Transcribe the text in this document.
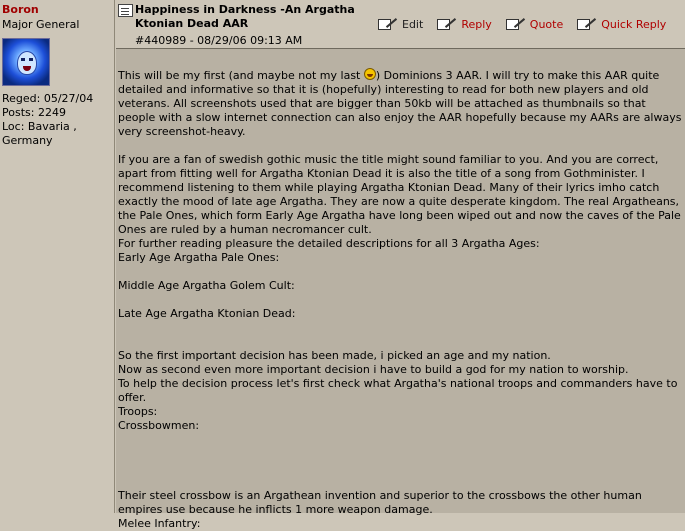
Boron
Major General
Reged: 05/27/04
Posts: 2249
Loc: Bavaria ,
Germany
Happiness in Darkness -An Argatha Ktonian Dead AAR
#440989 - 08/29/06 09:13 AM
Edit	Reply	Quote	Quick Reply

This will be my first (and maybe not my last ) Dominions 3 AAR. I will try to make this AAR quite detailed and informative so that it is (hopefully) interesting to read for both new players and old veterans. All screenshots used that are bigger than 50kb will be attached as thumbnails so that people with a slow internet connection can also enjoy the AAR hopefully because my AARs are always very screenshot-heavy.

If you are a fan of swedish gothic music the title might sound familiar to you. And you are correct, apart from fitting well for Argatha Ktonian Dead it is also the title of a song from Gothminister. I recommend listening to them while playing Argatha Ktonian Dead. Many of their lyrics imho catch exactly the mood of late age Argatha. They are now a quite desperate kingdom. The real Argatheans, the Pale Ones, which form Early Age Argatha have long been wiped out and now the caves of the Pale Ones are ruled by a human necromancer cult.

For further reading pleasure the detailed descriptions for all 3 Argatha Ages:

Early Age Argatha Pale Ones:

Middle Age Argatha Golem Cult:

Late Age Argatha Ktonian Dead:

So the first important decision has been made, i picked an age and my nation.

Now as second even more important decision i have to build a god for my nation to worship.

To help the decision process let's first check what Argatha's national troops and commanders have to offer.

Troops:

Crossbowmen:

Their steel crossbow is an Argathean invention and superior to the crossbows the other human empires use because he inflicts 1 more weapon damage.

Melee Infantry:
